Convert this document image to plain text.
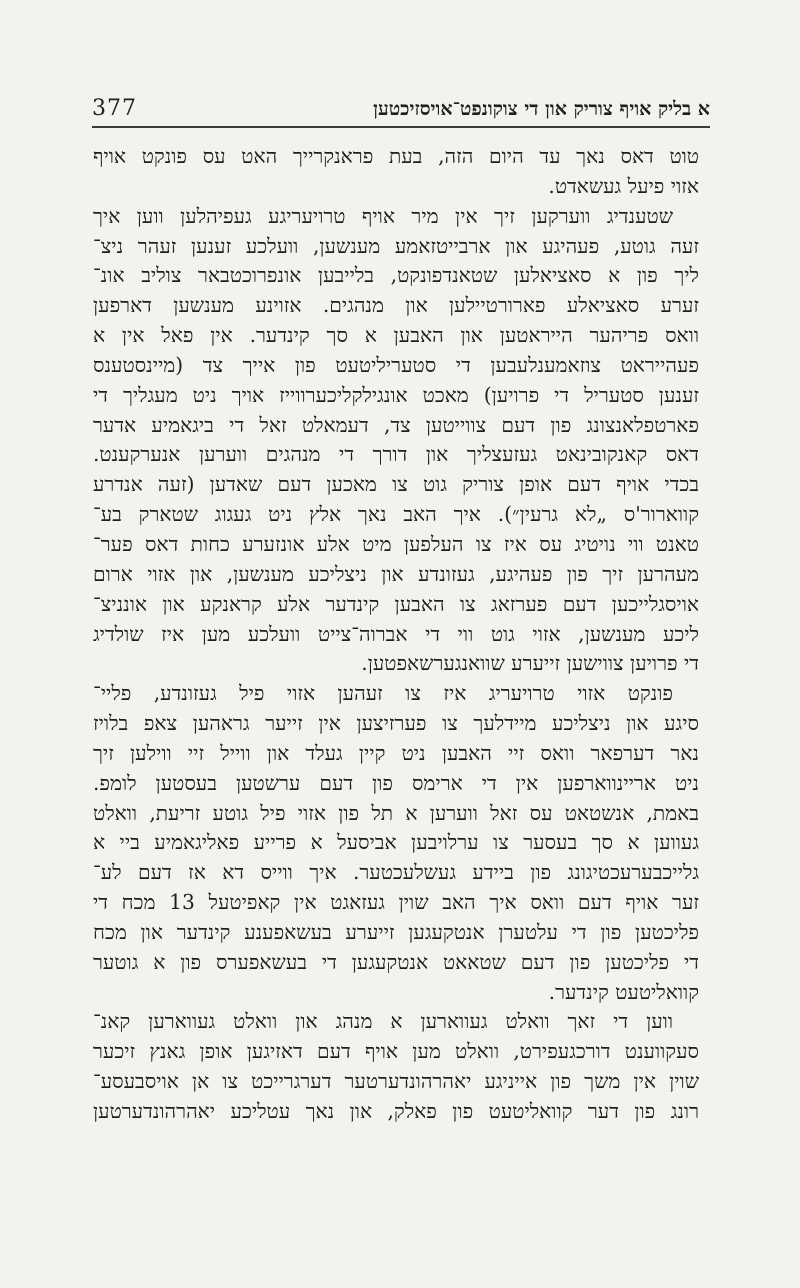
377	א בליק אויף צוריק און די צוקונפט־אויסזיכטען
טוט דאס נאך עד היום הזה, בעת פראנקרייך האט עס פונקט אויף
אזוי פיעל געשאדט.
שטענדיג ווערקען זיך אין מיר אויף טרויעריגע געפיהלען ווען איך
זעה גוטע, פעהיגע און ארבייטזאמע מענשען, וועלכע זענען זעהר ניצ־
ליך פון א סאציאלען שטאנדפונקט, בלייבען אונפרוכטבאר צוליב אונ־
זערע סאציאלע פארורטיילען און מנהגים. אזוינע מענשען דארפען
וואס פריהער הייראטען און האבען א סך קינדער. אין פאל אין א
פעהייראט צוזאמענלעבען די סטעריליטעט פון אייך צד (מיינסטענס
זענען סטעריל די פרויען) מאכט אונגילקליכערווייז אויך ניט מעגליך די
פארטפלאנצונג פון דעם צווייטען צד, דעמאלט זאל די ביגאמיע אדער
דאס קאנקובינאט געזעצליך און דורך די מנהגים ווערען אנערקענט.
בכדי אויף דעם אופן צוריק גוט צו מאכען דעם שאדען (זעה אנדרע
קווארור'ס „לא גרעין״). איך האב נאך אלץ ניט געגוג שטארק בע־
טאנט ווי נויטיג עס איז צו העלפען מיט אלע אונזערע כחות דאס פער־
מעהרען זיך פון פעהיגע, געזונדע און ניצליכע מענשען, און אזוי ארום
אויסגלייכען דעם פערזאג צו האבען קינדער אלע קראנקע און אונניצ־
ליכע מענשען, אזוי גוט ווי די אברוה־צייט וועלכע מען איז שולדיג
די פרויען צווישען זייערע שוואנגערשאפטען.
פונקט אזוי טרויעריג איז צו זעהען אזוי פיל געזונדע, פליי־
סיגע און ניצליכע מיידלעך צו פערזיצען אין זייער גראהען צאפ בלויז
נאר דערפאר וואס זיי האבען ניט קיין געלד און ווייל זיי ווילען זיך
ניט אריינווארפען אין די ארימס פון דעם ערשטען בעסטען לומפ.
באמת, אנשטאט עס זאל ווערען א תל פון אזוי פיל גוטע זריעת, וואלט
געווען א סך בעסער צו ערלויבען אביסעל א פרייע פאליגאמיע ביי א
גלייכבערעכטיגונג פון ביידע געשלעכטער. איך ווייס דא אז דעם לע־
זער אויף דעם וואס איך האב שוין געזאגט אין קאפיטעל 13 מכח די
פליכטען פון די עלטערן אנטקעגען זייערע בעשאפענע קינדער און מכח
די פליכטען פון דעם שטאאט אנטקעגען די בעשאפערס פון א גוטער
קוואליטעט קינדער.
ווען די זאך וואלט געווארען א מנהג און וואלט געווארען קאנ־
סעקווענט דורכגעפירט, וואלט מען אויף דעם דאזיגען אופן גאנץ זיכער
שוין אין משך פון אייניגע יאהרהונדערטער דערגרייכט צו אן אויסבעסע־
רונג פון דער קוואליטעט פון פאלק, און נאך עטליכע יאהרהונדערטען
